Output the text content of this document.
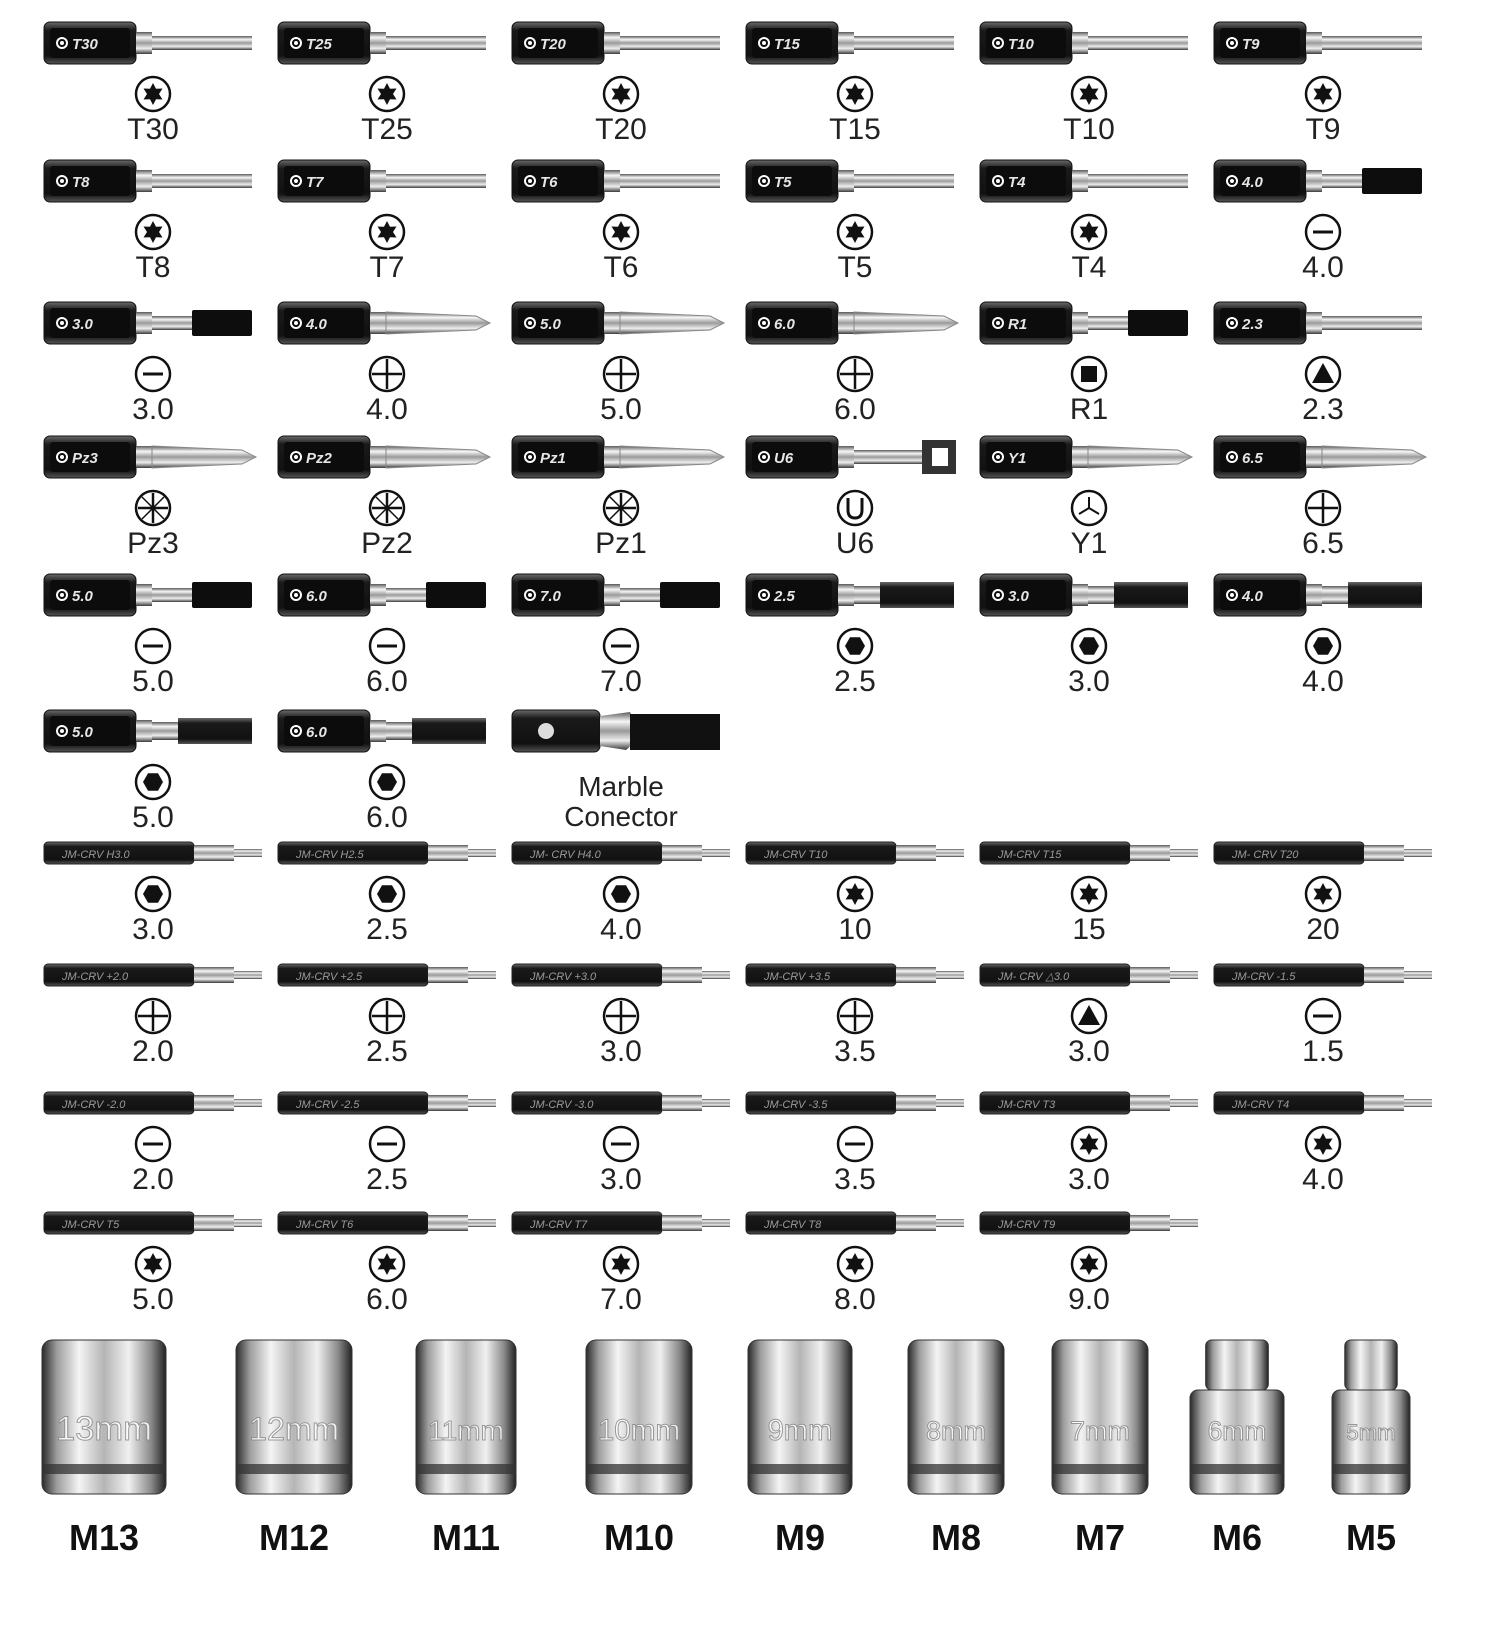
T30
T30
T25
T25
T20
T20
T15
T15
T10
T10
T9
T9
T8
T8
T7
T7
T6
T6
T5
T5
T4
T4
4.0
4.0
3.0
3.0
4.0
4.0
5.0
5.0
6.0
6.0
R1
R1
2.3
2.3
Pz3
Pz3
Pz2
Pz2
Pz1
Pz1
U6
U6
Y1
Y1
6.5
6.5
5.0
5.0
6.0
6.0
7.0
7.0
2.5
2.5
3.0
3.0
4.0
4.0
5.0
5.0
6.0
6.0
Marble
Conector
JM-CRV H3.0
3.0
JM-CRV H2.5
2.5
JM- CRV H4.0
4.0
JM-CRV T10
10
JM-CRV T15
15
JM- CRV T20
20
JM-CRV +2.0
2.0
JM-CRV +2.5
2.5
JM-CRV +3.0
3.0
JM-CRV +3.5
3.5
JM- CRV △3.0
3.0
JM-CRV -1.5
1.5
JM-CRV -2.0
2.0
JM-CRV -2.5
2.5
JM-CRV -3.0
3.0
JM-CRV -3.5
3.5
JM-CRV T3
3.0
JM-CRV T4
4.0
JM-CRV T5
5.0
JM-CRV T6
6.0
JM-CRV T7
7.0
JM-CRV T8
8.0
JM-CRV T9
9.0
13mm
M13
12mm
M12
11mm
M11
10mm
M10
9mm
M9
8mm
M8
7mm
M7
6mm
M6
5mm
M5
